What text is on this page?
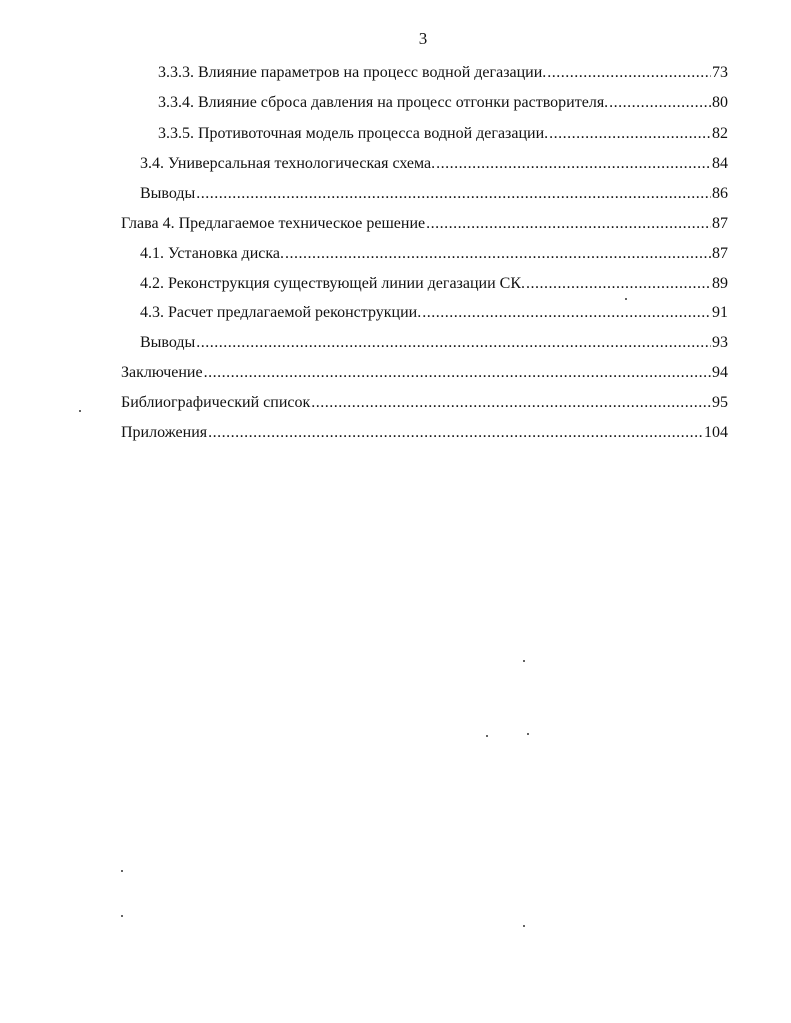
3
3.3.3. Влияние параметров на процесс водной дегазации. .....	73
3.3.4. Влияние сброса давления на процесс отгонки растворителя. .....	80
3.3.5. Противоточная модель процесса водной дегазации. .....	82
3.4. Универсальная технологическая схема. .....	84
Выводы .....	86
Глава 4. Предлагаемое техническое решение .....	87
4.1. Установка диска. .....	87
4.2. Реконструкция существующей линии дегазации СК. .....	89
4.3. Расчет предлагаемой реконструкции. .....	91
Выводы .....	93
Заключение .....	94
Библиографический список .....	95
Приложения .....	104
